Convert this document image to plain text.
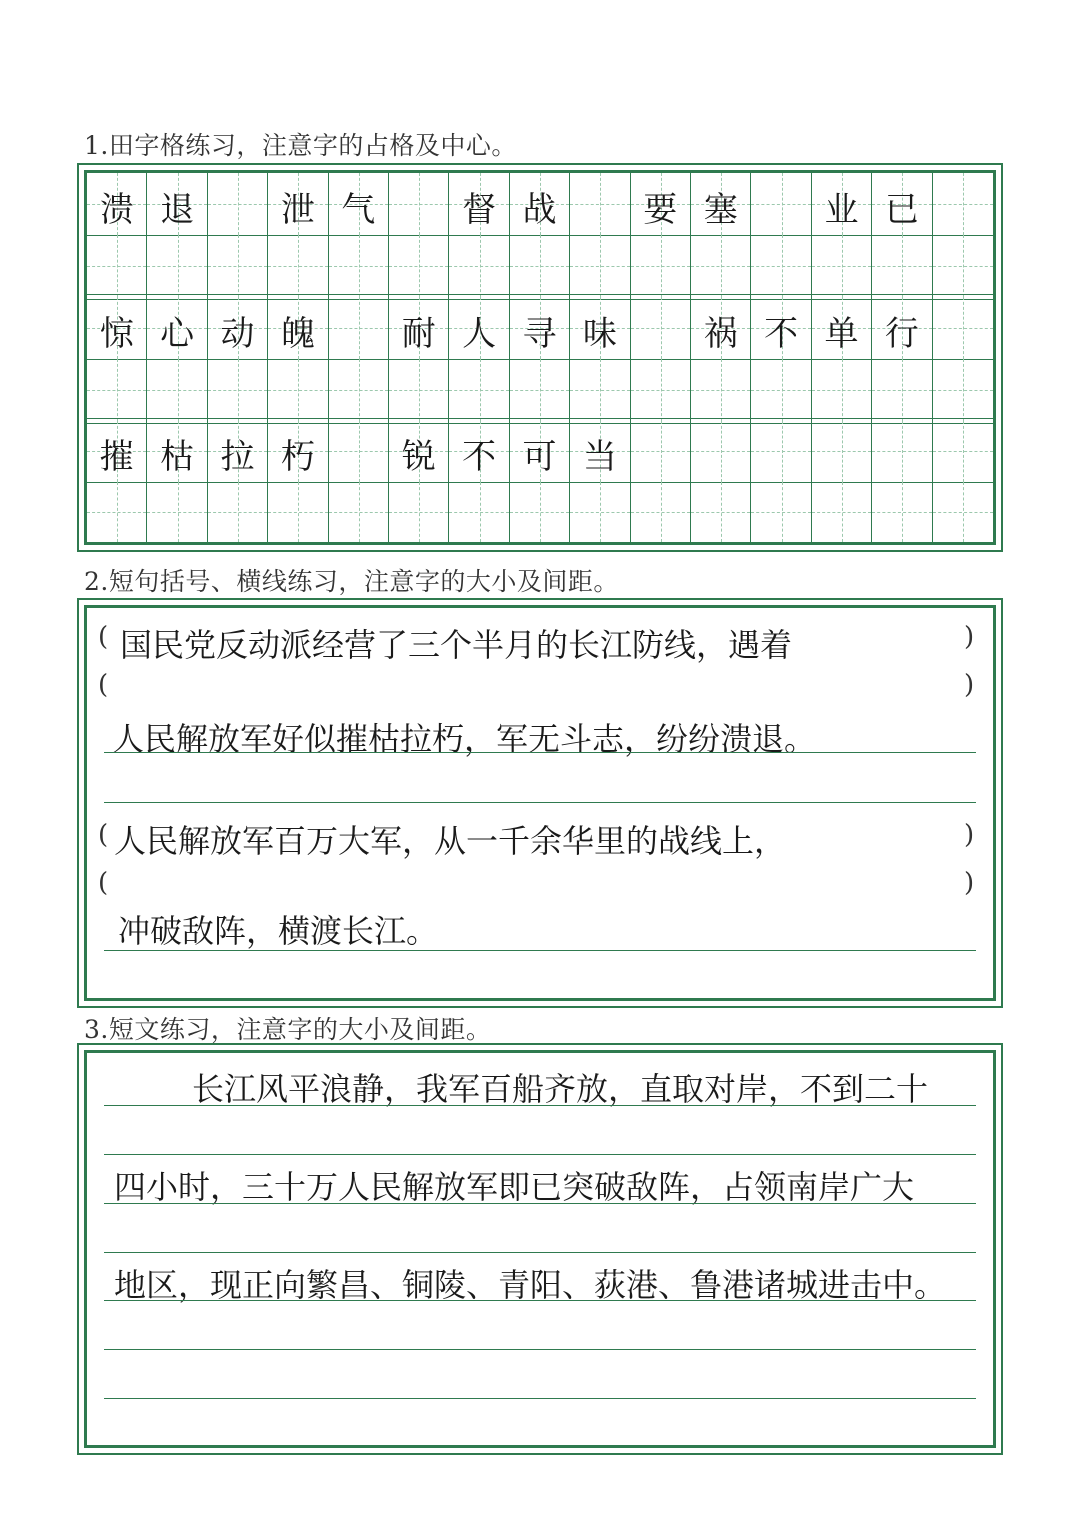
1.田字格练习，注意字的占格及中心。
溃 退	泄 气	督 战	要 塞	业 已
惊 心 动 魄	耐 人 寻 味	祸 不 单 行
摧 枯 拉 朽	锐 不 可 当
2.短句括号、横线练习，注意字的大小及间距。
( 国民党反动派经营了三个半月的长江防线，遇着	)
(	)
人民解放军好似摧枯拉朽，军无斗志，纷纷溃退。
( 人民解放军百万大军，从一千余华里的战线上，	)
(	)
冲破敌阵，横渡长江。
3.短文练习，注意字的大小及间距。
长江风平浪静，我军百船齐放，直取对岸，不到二十
四小时，三十万人民解放军即已突破敌阵，占领南岸广大
地区，现正向繁昌、铜陵、青阳、荻港、鲁港诸城进击中。
